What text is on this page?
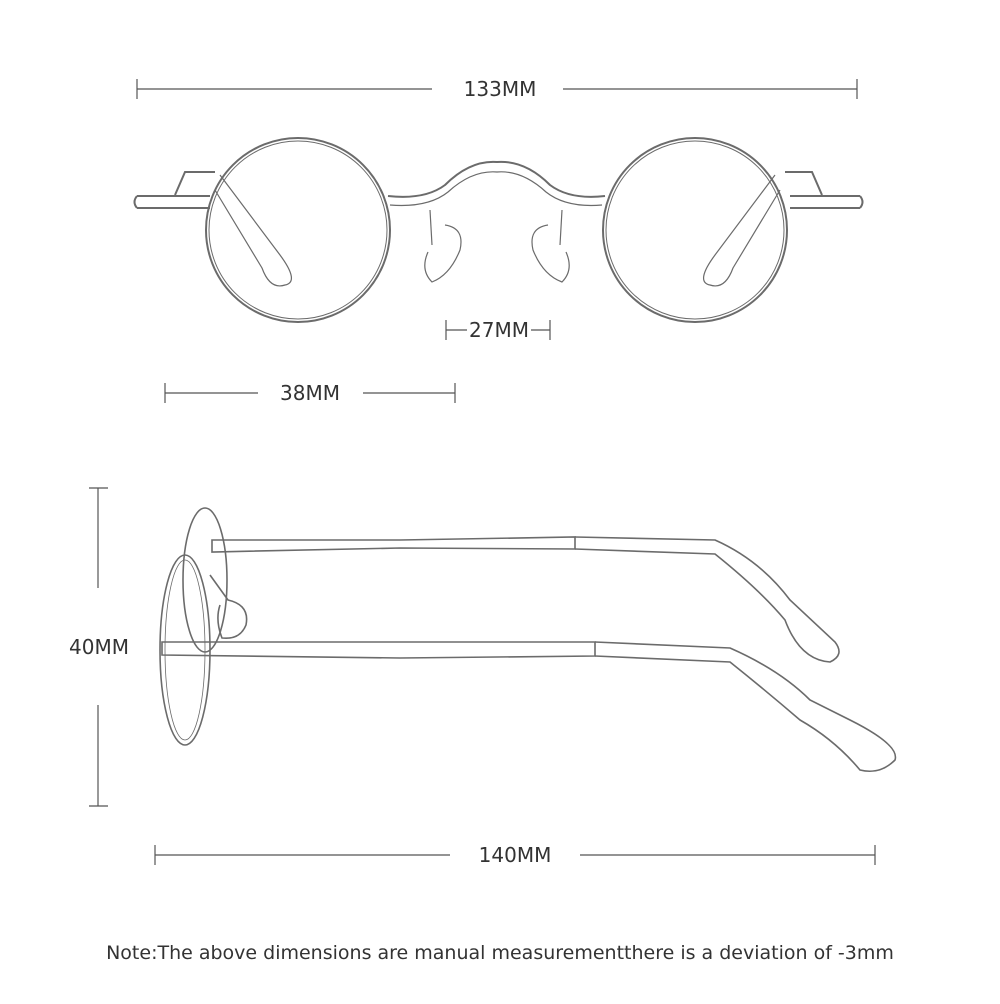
133MM
27MM
38MM
40MM
140MM
Note:The above dimensions are manual measurementthere is a deviation of -3mm
